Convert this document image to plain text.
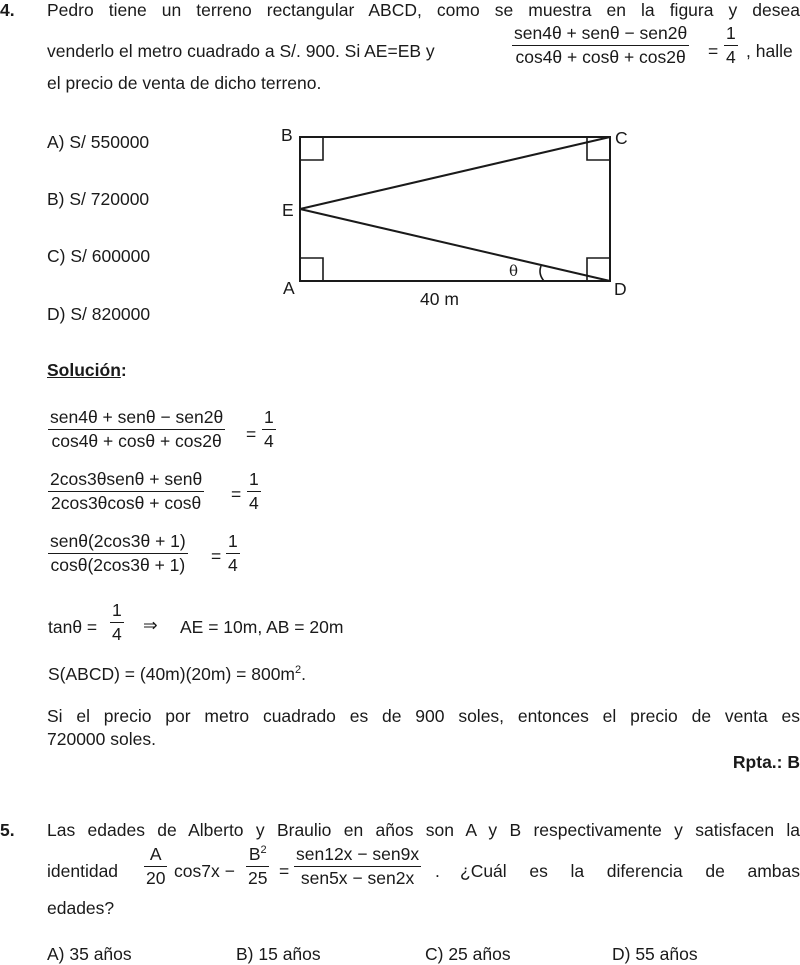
4. Pedro tiene un terreno rectangular ABCD, como se muestra en la figura y desea
venderlo el metro cuadrado a S/. 900. Si AE=EB y
sen4θ + senθ − sen2θ
$\cos 4\theta + \cos\theta + \cos 2\theta = \frac{1}{4}$ , halle
el precio de venta de dicho terreno.
A) S/ 550000
B) S/ 720000
C) S/ 600000
D) S/ 820000
B	C
E
A	D
θ
40 m
Solución:
sen4θ + senθ − sen2θ
$\cos 4\theta + \cos\theta + \cos 2\theta = \frac{1}{4}$
2cos3θsenθ + senθ
$2\cos 3\theta\cos\theta + \cos\theta = \frac{1}{4}$
senθ(2cos3θ + 1)
$\cos\theta(2\cos 3\theta + 1) = \frac{1}{4}$
$\tan\theta = \frac{1}{4}$ ⇒ AE = 10m, AB = 20m
S(ABCD) = $(40m)(20m) = 800m^2$.
Si el precio por metro cuadrado es de 900 soles, entonces el precio de venta es
720000 soles.
Rpta.: B
5. Las edades de Alberto y Braulio en años son A y B respectivamente y satisfacen la
identidad $\frac{A}{20} \cos 7x - \frac{B^2}{25}$ =
sen12x − sen9x
sen5x − sen2x	. ¿Cuál es la diferencia de ambas
edades?
A) 35 años	B) 15 años	C) 25 años	D) 55 años
